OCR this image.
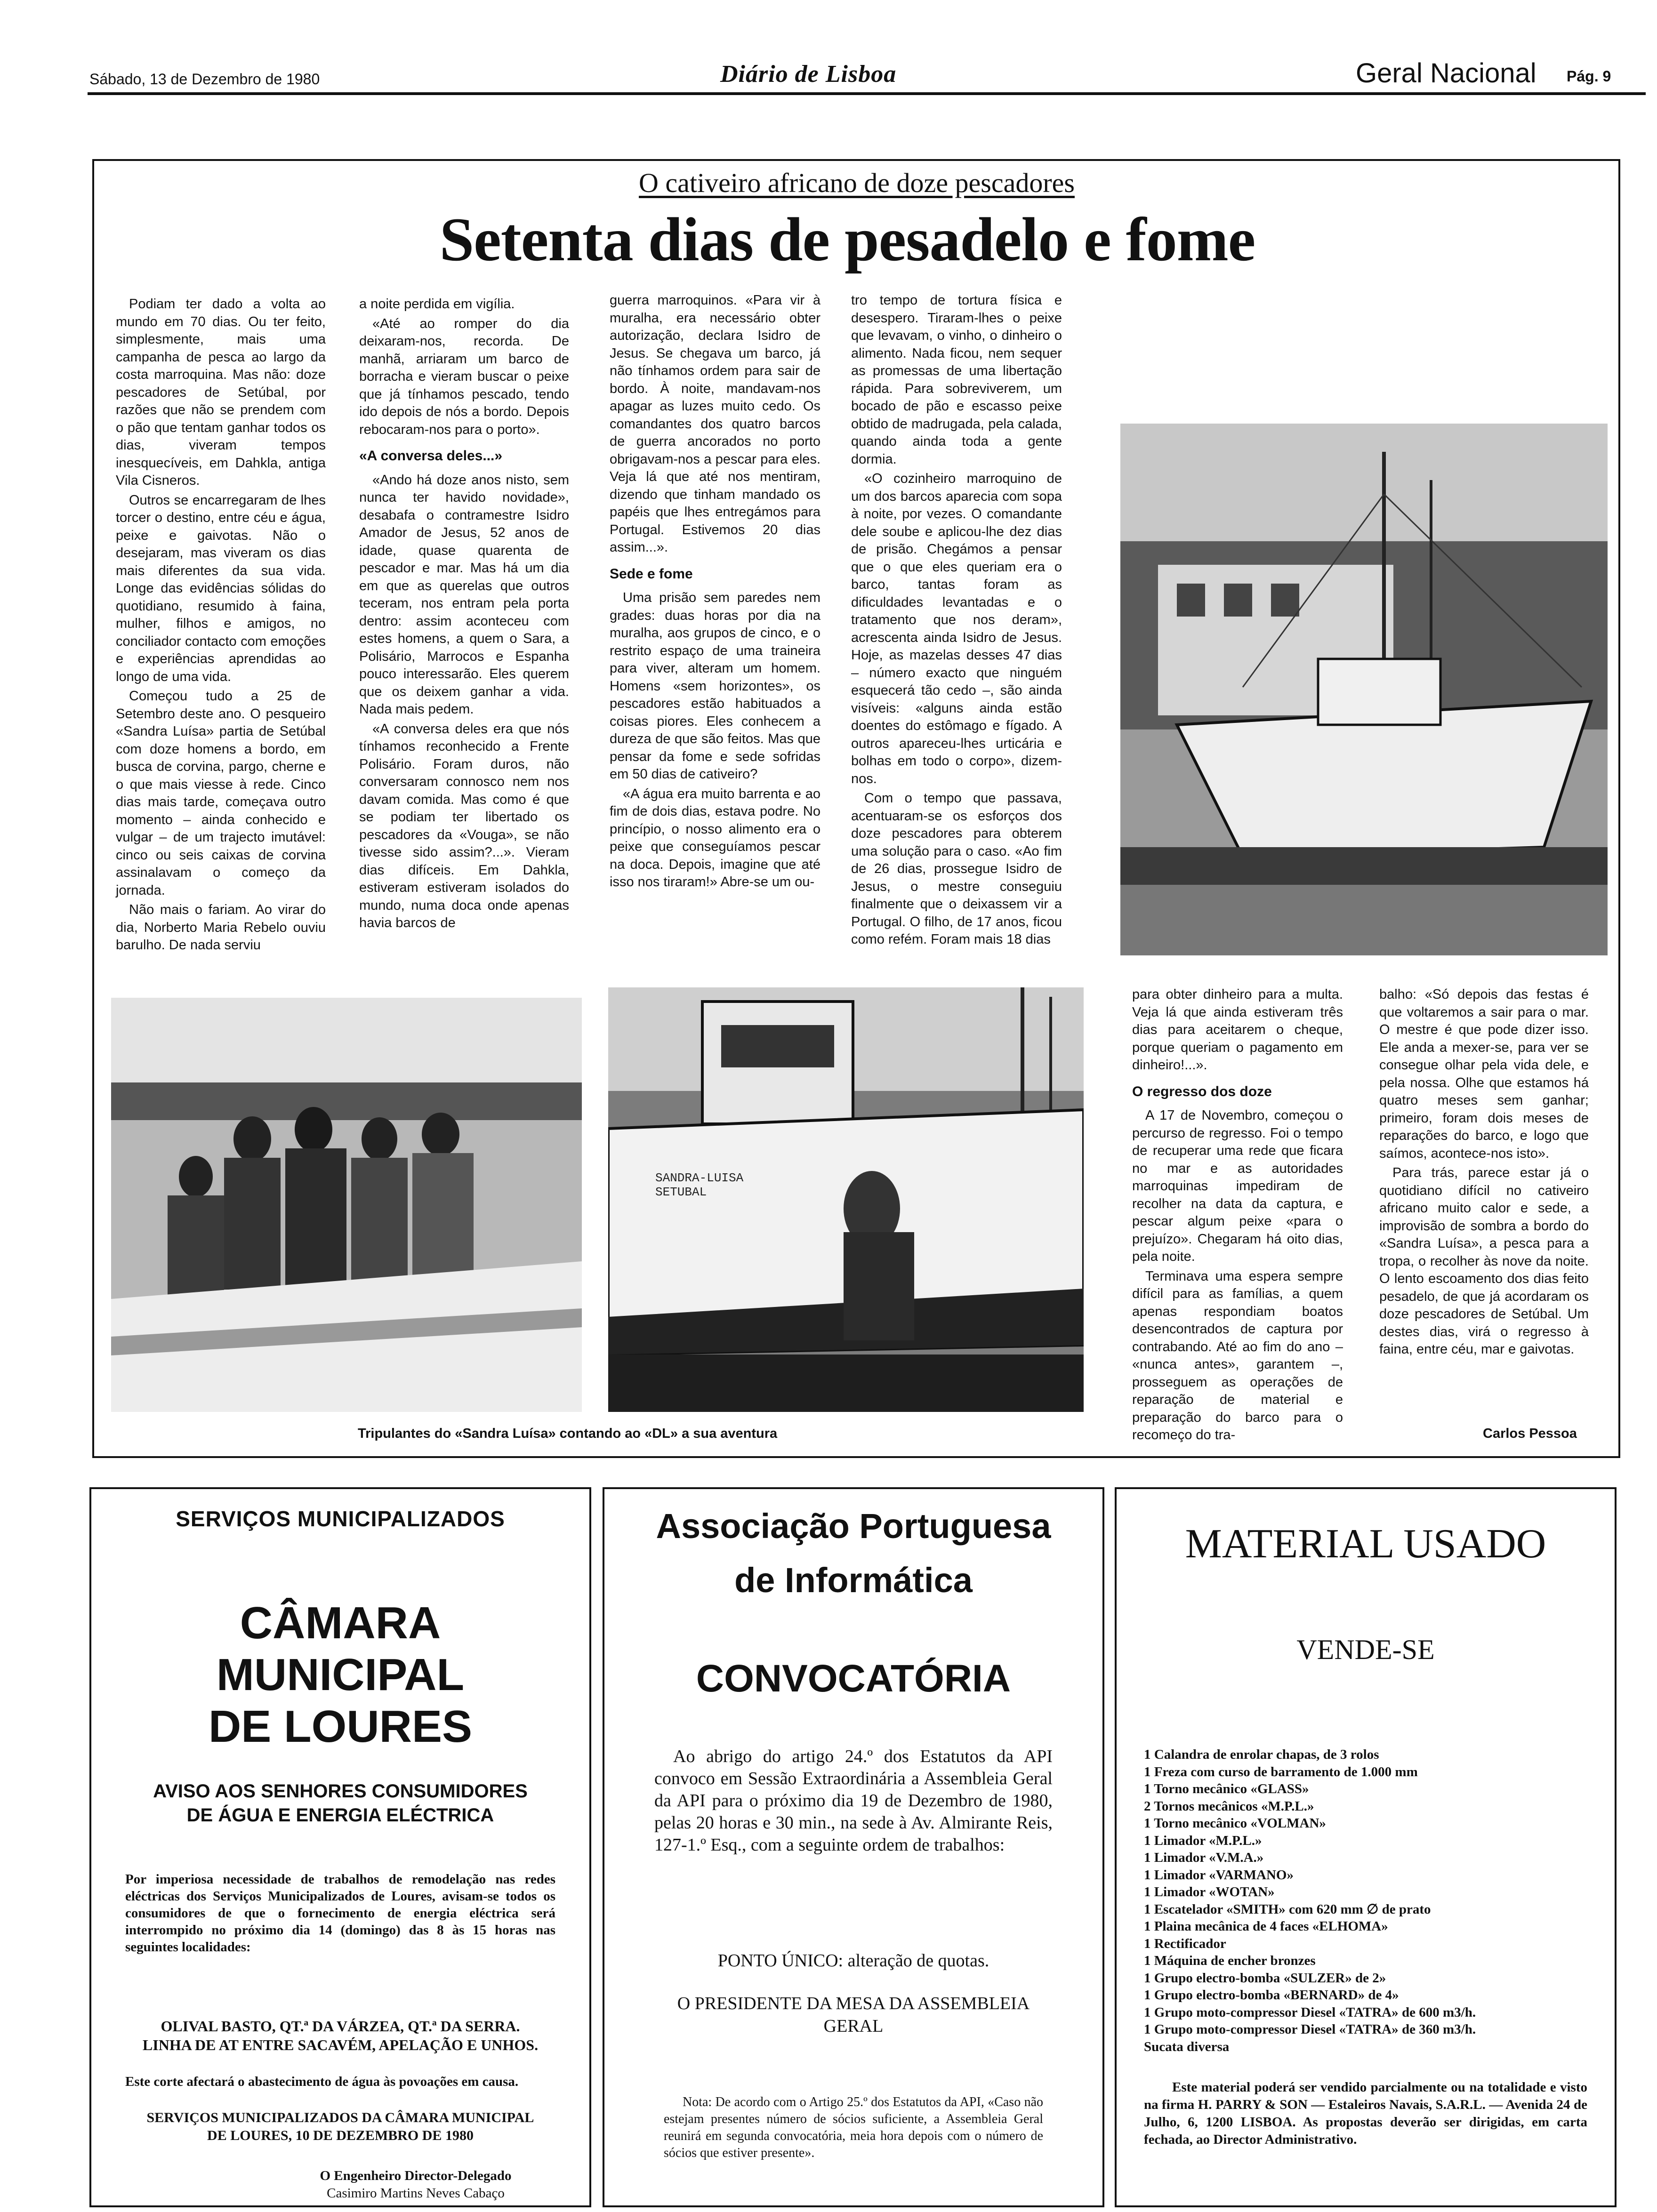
Sábado, 13 de Dezembro de 1980	Diário de Lisboa	Geral Nacional Pág. 9
O cativeiro africano de doze pescadores
Setenta dias de pesadelo e fome

Podiam ter dado a volta ao mundo em 70 dias. Ou ter feito, simplesmente, mais uma campanha de pesca ao largo da costa marroquina. Mas não: doze pescadores de Setúbal, por razões que não se prendem com o pão que tentam ganhar todos os dias, viveram tempos inesquecíveis, em Dahkla, antiga Vila Cisneros.

Outros se encarregaram de lhes torcer o destino, entre céu e água, peixe e gaivotas. Não o desejaram, mas viveram os dias mais diferentes da sua vida. Longe das evidências sólidas do quotidiano, resumido à faina, mulher, filhos e amigos, no conciliador contacto com emoções e experiências aprendidas ao longo de uma vida.

Começou tudo a 25 de Setembro deste ano. O pesqueiro «Sandra Luísa» partia de Setúbal com doze homens a bordo, em busca de corvina, pargo, cherne e o que mais viesse à rede. Cinco dias mais tarde, começava outro momento – ainda conhecido e vulgar – de um trajecto imutável: cinco ou seis caixas de corvina assinalavam o começo da jornada.

Não mais o fariam. Ao virar do dia, Norberto Maria Rebelo ouviu barulho. De nada serviu

a noite perdida em vigília.

«Até ao romper do dia deixaram-nos, recorda. De manhã, arriaram um barco de borracha e vieram buscar o peixe que já tínhamos pescado, tendo ido depois de nós a bordo. Depois rebocaram-nos para o porto».

«A conversa deles...»

«Ando há doze anos nisto, sem nunca ter havido novidade», desabafa o contramestre Isidro Amador de Jesus, 52 anos de idade, quase quarenta de pescador e mar. Mas há um dia em que as querelas que outros teceram, nos entram pela porta dentro: assim aconteceu com estes homens, a quem o Sara, a Polisário, Marrocos e Espanha pouco interessarão. Eles querem que os deixem ganhar a vida. Nada mais pedem.

«A conversa deles era que nós tínhamos reconhecido a Frente Polisário. Foram duros, não conversaram connosco nem nos davam comida. Mas como é que se podiam ter libertado os pescadores da «Vouga», se não tivesse sido assim?...». Vieram dias difíceis. Em Dahkla, estiveram estiveram isolados do mundo, numa doca onde apenas havia barcos de

guerra marroquinos. «Para vir à muralha, era necessário obter autorização, declara Isidro de Jesus. Se chegava um barco, já não tínhamos ordem para sair de bordo. À noite, mandavam-nos apagar as luzes muito cedo. Os comandantes dos quatro barcos de guerra ancorados no porto obrigavam-nos a pescar para eles. Veja lá que até nos mentiram, dizendo que tinham mandado os papéis que lhes entregámos para Portugal. Estivemos 20 dias assim...».

Sede e fome

Uma prisão sem paredes nem grades: duas horas por dia na muralha, aos grupos de cinco, e o restrito espaço de uma traineira para viver, alteram um homem. Homens «sem horizontes», os pescadores estão habituados a coisas piores. Eles conhecem a dureza de que são feitos. Mas que pensar da fome e sede sofridas em 50 dias de cativeiro?

«A água era muito barrenta e ao fim de dois dias, estava podre. No princípio, o nosso alimento era o peixe que conseguíamos pescar na doca. Depois, imagine que até isso nos tiraram!» Abre-se um ou-

tro tempo de tortura física e desespero. Tiraram-lhes o peixe que levavam, o vinho, o dinheiro o alimento. Nada ficou, nem sequer as promessas de uma libertação rápida. Para sobreviverem, um bocado de pão e escasso peixe obtido de madrugada, pela calada, quando ainda toda a gente dormia.

«O cozinheiro marroquino de um dos barcos aparecia com sopa à noite, por vezes. O comandante dele soube e aplicou-lhe dez dias de prisão. Chegámos a pensar que o que eles queriam era o barco, tantas foram as dificuldades levantadas e o tratamento que nos deram», acrescenta ainda Isidro de Jesus. Hoje, as mazelas desses 47 dias – número exacto que ninguém esquecerá tão cedo –, são ainda visíveis: «alguns ainda estão doentes do estômago e fígado. A outros apareceu-lhes urticária e bolhas em todo o corpo», dizem-nos.

Com o tempo que passava, acentuaram-se os esforços dos doze pescadores para obterem uma solução para o caso. «Ao fim de 26 dias, prossegue Isidro de Jesus, o mestre conseguiu finalmente que o deixassem vir a Portugal. O filho, de 17 anos, ficou como refém. Foram mais 18 dias

SANDRA-LUISA SETUBAL

para obter dinheiro para a multa. Veja lá que ainda estiveram três dias para aceitarem o cheque, porque queriam o pagamento em dinheiro!...».

O regresso dos doze

A 17 de Novembro, começou o percurso de regresso. Foi o tempo de recuperar uma rede que ficara no mar e as autoridades marroquinas impediram de recolher na data da captura, e pescar algum peixe «para o prejuízo». Chegaram há oito dias, pela noite.

Terminava uma espera sempre difícil para as famílias, a quem apenas respondiam boatos desencontrados de captura por contrabando. Até ao fim do ano – «nunca antes», garantem –, prosseguem as operações de reparação de material e preparação do barco para o recomeço do tra-

balho: «Só depois das festas é que voltaremos a sair para o mar. O mestre é que pode dizer isso. Ele anda a mexer-se, para ver se consegue olhar pela vida dele, e pela nossa. Olhe que estamos há quatro meses sem ganhar; primeiro, foram dois meses de reparações do barco, e logo que saímos, acontece-nos isto».

Para trás, parece estar já o quotidiano difícil no cativeiro africano muito calor e sede, a improvisão de sombra a bordo do «Sandra Luísa», a pesca para a tropa, o recolher às nove da noite. O lento escoamento dos dias feito pesadelo, de que já acordaram os doze pescadores de Setúbal. Um destes dias, virá o regresso à faina, entre céu, mar e gaivotas.

Tripulantes do «Sandra Luísa» contando ao «DL» a sua aventura	Carlos Pessoa
SERVIÇOS MUNICIPALIZADOS
CÂMARA MUNICIPAL
DE LOURES
AVISO AOS SENHORES CONSUMIDORES
DE ÁGUA E ENERGIA ELÉCTRICA
Por imperiosa necessidade de trabalhos de remodelação nas redes eléctricas dos Serviços Municipalizados de Loures, avisam-se todos os consumidores de que o fornecimento de energia eléctrica será interrompido no próximo dia 14 (domingo) das 8 às 15 horas nas seguintes localidades:
OLIVAL BASTO, QT.ª DA VÁRZEA, QT.ª DA SERRA. LINHA DE AT ENTRE SACAVÉM, APELAÇÃO E UNHOS.
Este corte afectará o abastecimento de água às povoações em causa.
SERVIÇOS MUNICIPALIZADOS DA CÂMARA MUNICIPAL DE LOURES, 10 DE DEZEMBRO DE 1980
O Engenheiro Director-Delegado
Casimiro Martins Neves Cabaço
Associação Portuguesa
de Informática
CONVOCATÓRIA
Ao abrigo do artigo 24.º dos Estatutos da API convoco em Sessão Extraordinária a Assembleia Geral da API para o próximo dia 19 de Dezembro de 1980, pelas 20 horas e 30 min., na sede à Av. Almirante Reis, 127-1.º Esq., com a seguinte ordem de trabalhos:
PONTO ÚNICO: alteração de quotas.
O PRESIDENTE DA MESA DA ASSEMBLEIA GERAL
Nota: De acordo com o Artigo 25.º dos Estatutos da API, «Caso não estejam presentes número de sócios suficiente, a Assembleia Geral reunirá em segunda convocatória, meia hora depois com o número de sócios que estiver presente».
MATERIAL USADO
VENDE-SE
1 Calandra de enrolar chapas, de 3 rolos
1 Freza com curso de barramento de 1.000 mm
1 Torno mecânico «GLASS»
2 Tornos mecânicos «M.P.L.»
1 Torno mecânico «VOLMAN»
1 Limador «M.P.L.»
1 Limador «V.M.A.»
1 Limador «VARMANO»
1 Limador «WOTAN»
1 Escatelador «SMITH» com 620 mm ∅ de prato
1 Plaina mecânica de 4 faces «ELHOMA»
1 Rectificador
1 Máquina de encher bronzes
1 Grupo electro-bomba «SULZER» de 2»
1 Grupo electro-bomba «BERNARD» de 4»
1 Grupo moto-compressor Diesel «TATRA» de 600 m3/h.
1 Grupo moto-compressor Diesel «TATRA» de 360 m3/h.
Sucata diversa
Este material poderá ser vendido parcialmente ou na totalidade e visto na firma H. PARRY & SON — Estaleiros Navais, S.A.R.L. — Avenida 24 de Julho, 6, 1200 LISBOA. As propostas deverão ser dirigidas, em carta fechada, ao Director Administrativo.
